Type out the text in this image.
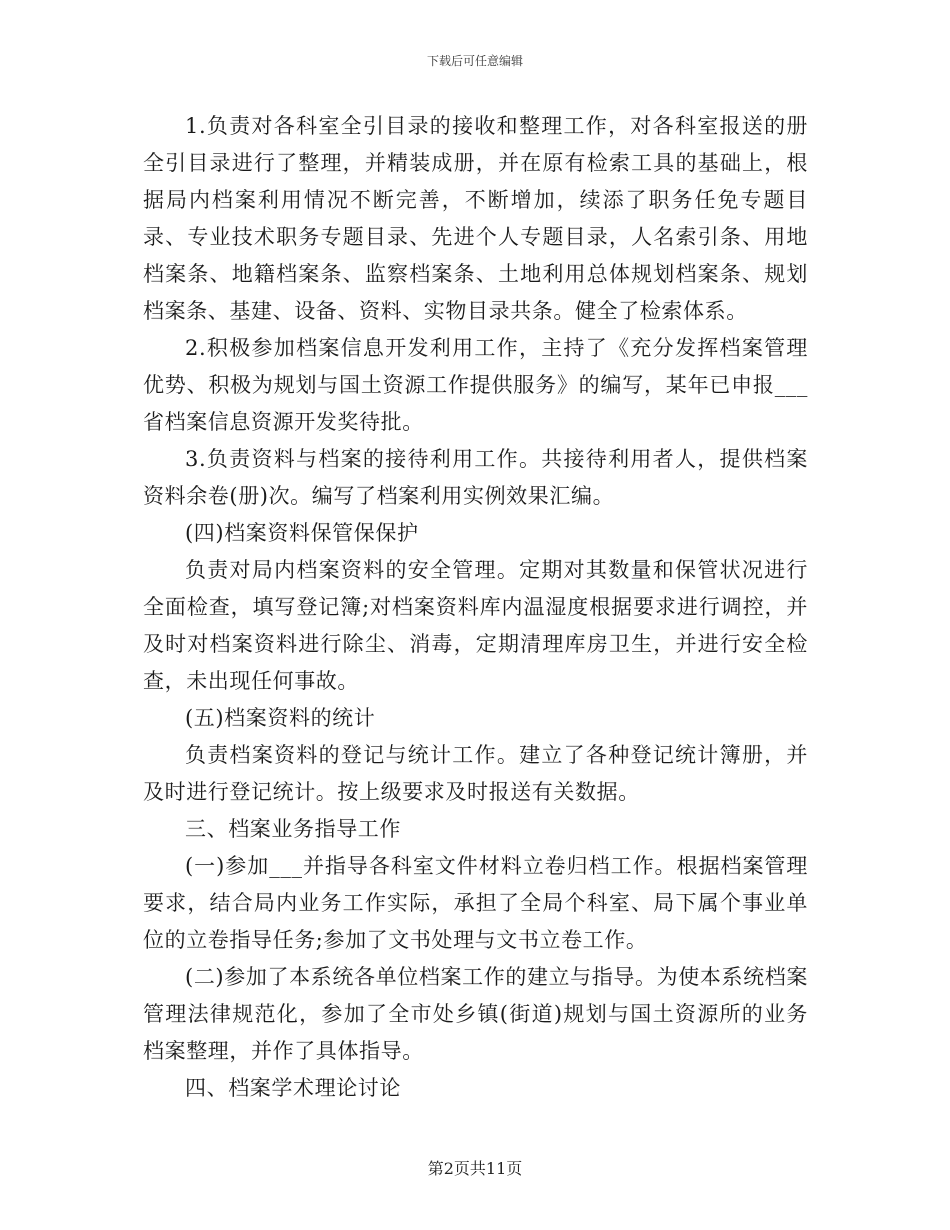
下载后可任意编辑

1.负责对各科室全引目录的接收和整理工作，对各科室报送的册全引目录进行了整理，并精装成册，并在原有检索工具的基础上，根据局内档案利用情况不断完善，不断增加，续添了职务任免专题目录、专业技术职务专题目录、先进个人专题目录，人名索引条、用地档案条、地籍档案条、监察档案条、土地利用总体规划档案条、规划档案条、基建、设备、资料、实物目录共条。健全了检索体系。

2.积极参加档案信息开发利用工作，主持了《充分发挥档案管理优势、积极为规划与国土资源工作提供服务》的编写，某年已申报___省档案信息资源开发奖待批。

3.负责资料与档案的接待利用工作。共接待利用者人，提供档案资料余卷(册)次。编写了档案利用实例效果汇编。

(四)档案资料保管保保护

负责对局内档案资料的安全管理。定期对其数量和保管状况进行全面检查，填写登记簿;对档案资料库内温湿度根据要求进行调控，并及时对档案资料进行除尘、消毒，定期清理库房卫生，并进行安全检查，未出现任何事故。

(五)档案资料的统计

负责档案资料的登记与统计工作。建立了各种登记统计簿册，并及时进行登记统计。按上级要求及时报送有关数据。

三、档案业务指导工作

(一)参加___并指导各科室文件材料立卷归档工作。根据档案管理要求，结合局内业务工作实际，承担了全局个科室、局下属个事业单位的立卷指导任务;参加了文书处理与文书立卷工作。

(二)参加了本系统各单位档案工作的建立与指导。为使本系统档案管理法律规范化，参加了全市处乡镇(街道)规划与国土资源所的业务档案整理，并作了具体指导。

四、档案学术理论讨论

第2页共11页
